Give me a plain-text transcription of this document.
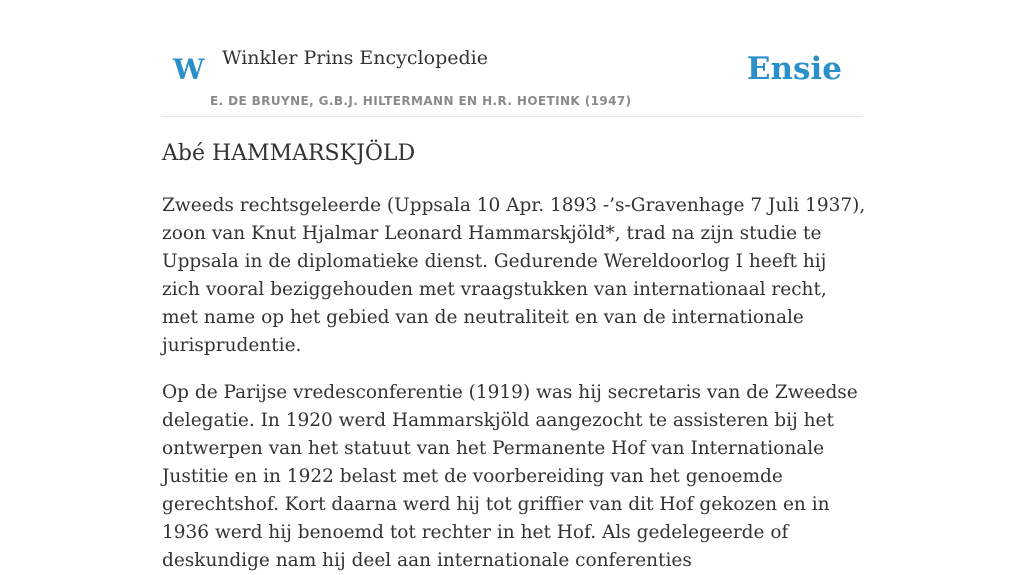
W Winkler Prins Encyclopedie
E. DE BRUYNE, G.B.J. HILTERMANN EN H.R. HOETINK (1947)
Ensie
Abé HAMMARSKJÖLD

Zweeds rechtsgeleerde (Uppsala 10 Apr. 1893 -’s-Gravenhage 7 Juli 1937), zoon van Knut Hjalmar Leonard Hammarskjöld*, trad na zijn studie te Uppsala in de diplomatieke dienst. Gedurende Wereldoorlog I heeft hij zich vooral beziggehouden met vraagstukken van internationaal recht, met name op het gebied van de neutraliteit en van de internationale jurisprudentie.

Op de Parijse vredesconferentie (1919) was hij secretaris van de Zweedse delegatie. In 1920 werd Hammarskjöld aangezocht te assisteren bij het ontwerpen van het statuut van het Permanente Hof van Internationale Justitie en in 1922 belast met de voorbereiding van het genoemde gerechtshof. Kort daarna werd hij tot griffier van dit Hof gekozen en in 1936 werd hij benoemd tot rechter in het Hof. Als gedelegeerde of deskundige nam hij deel aan internationale conferenties
